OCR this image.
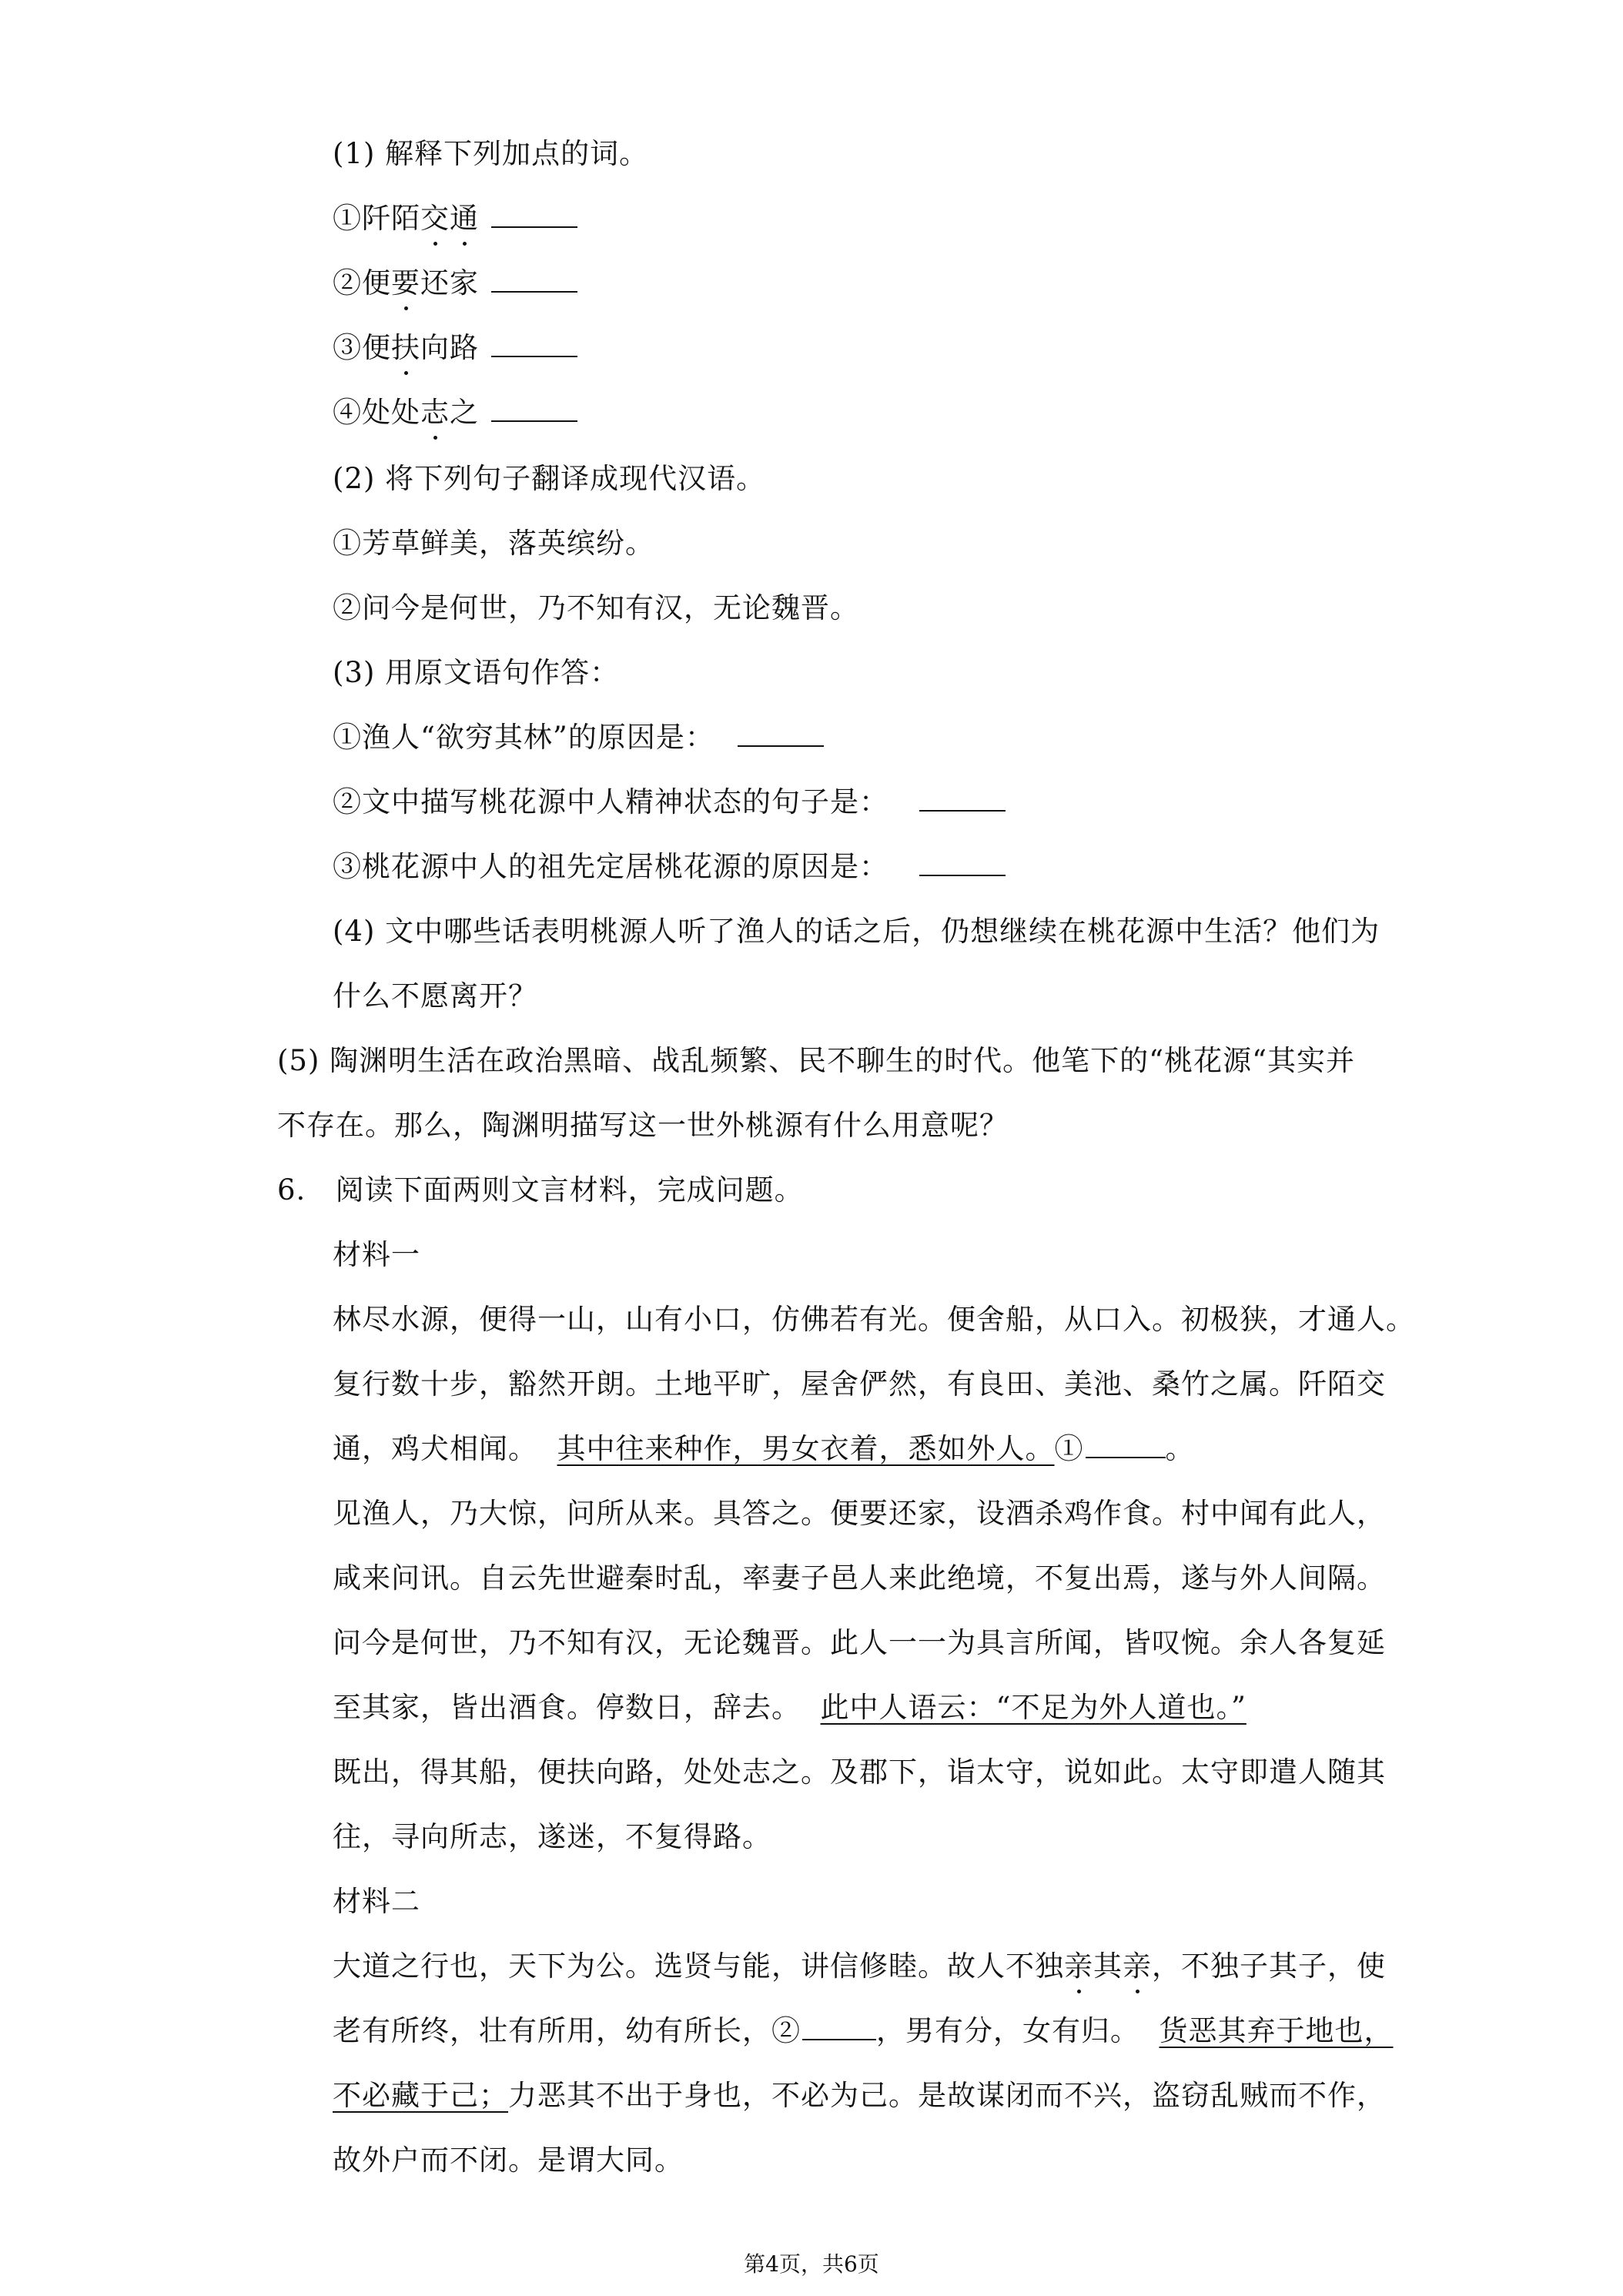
(1) 解释下列加点的词。
①阡陌交通
②便要还家
③便扶向路
④处处志之
(2) 将下列句子翻译成现代汉语。
①芳草鲜美，落英缤纷。
②问今是何世，乃不知有汉，无论魏晋。
(3) 用原文语句作答：
①渔人“欲穷其林”的原因是：
②文中描写桃花源中人精神状态的句子是：
③桃花源中人的祖先定居桃花源的原因是：
(4) 文中哪些话表明桃源人听了渔人的话之后，仍想继续在桃花源中生活？他们为
什么不愿离开？
(5) 陶渊明生活在政治黑暗、战乱频繁、民不聊生的时代。他笔下的“桃花源“其实并
不存在。那么，陶渊明描写这一世外桃源有什么用意呢？
6. 阅读下面两则文言材料，完成问题。
材料一
林尽水源，便得一山，山有小口，仿佛若有光。便舍船，从口入。初极狭，才通人。
复行数十步，豁然开朗。土地平旷，屋舍俨然，有良田、美池、桑竹之属。阡陌交
通，鸡犬相闻。 其中往来种作，男女衣着，悉如外人。①	。
见渔人，乃大惊，问所从来。具答之。便要还家，设酒杀鸡作食。村中闻有此人，
咸来问讯。自云先世避秦时乱，率妻子邑人来此绝境，不复出焉，遂与外人间隔。
问今是何世，乃不知有汉，无论魏晋。此人一一为具言所闻，皆叹惋。余人各复延
至其家，皆出酒食。停数日，辞去。 此中人语云：“不足为外人道也。”
既出，得其船，便扶向路，处处志之。及郡下，诣太守，说如此。太守即遣人随其
往，寻向所志，遂迷，不复得路。
材料二
大道之行也，天下为公。选贤与能，讲信修睦。故人不独亲其亲，不独子其子，使
老有所终，壮有所用，幼有所长，②	，男有分，女有归。 货恶其弃于地也，
不必藏于己；力恶其不出于身也，不必为己。是故谋闭而不兴，盗窃乱贼而不作，
故外户而不闭。是谓大同。
第4页，共6页
